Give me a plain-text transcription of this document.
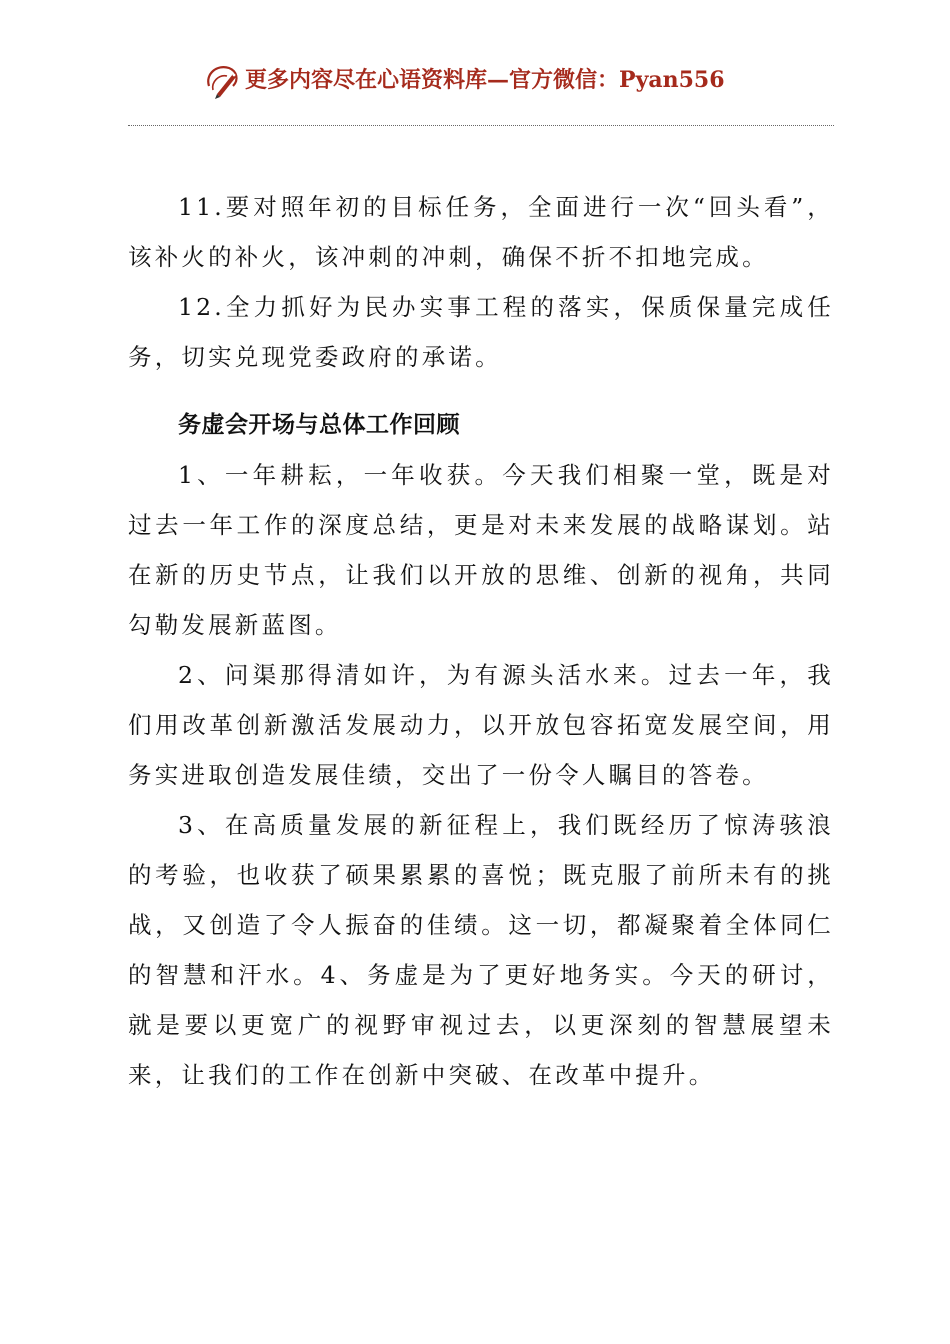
更多内容尽在心语资料库—官方微信：Pyan556

11.要对照年初的目标任务，全面进行一次“回头看”，该补火的补火，该冲刺的冲刺，确保不折不扣地完成。

12.全力抓好为民办实事工程的落实，保质保量完成任务，切实兑现党委政府的承诺。

务虚会开场与总体工作回顾

1、一年耕耘，一年收获。今天我们相聚一堂，既是对过去一年工作的深度总结，更是对未来发展的战略谋划。站在新的历史节点，让我们以开放的思维、创新的视角，共同勾勒发展新蓝图。

2、问渠那得清如许，为有源头活水来。过去一年，我们用改革创新激活发展动力，以开放包容拓宽发展空间，用务实进取创造发展佳绩，交出了一份令人瞩目的答卷。

3、在高质量发展的新征程上，我们既经历了惊涛骇浪的考验，也收获了硕果累累的喜悦；既克服了前所未有的挑战，又创造了令人振奋的佳绩。这一切，都凝聚着全体同仁的智慧和汗水。4、务虚是为了更好地务实。今天的研讨，就是要以更宽广的视野审视过去，以更深刻的智慧展望未来，让我们的工作在创新中突破、在改革中提升。
